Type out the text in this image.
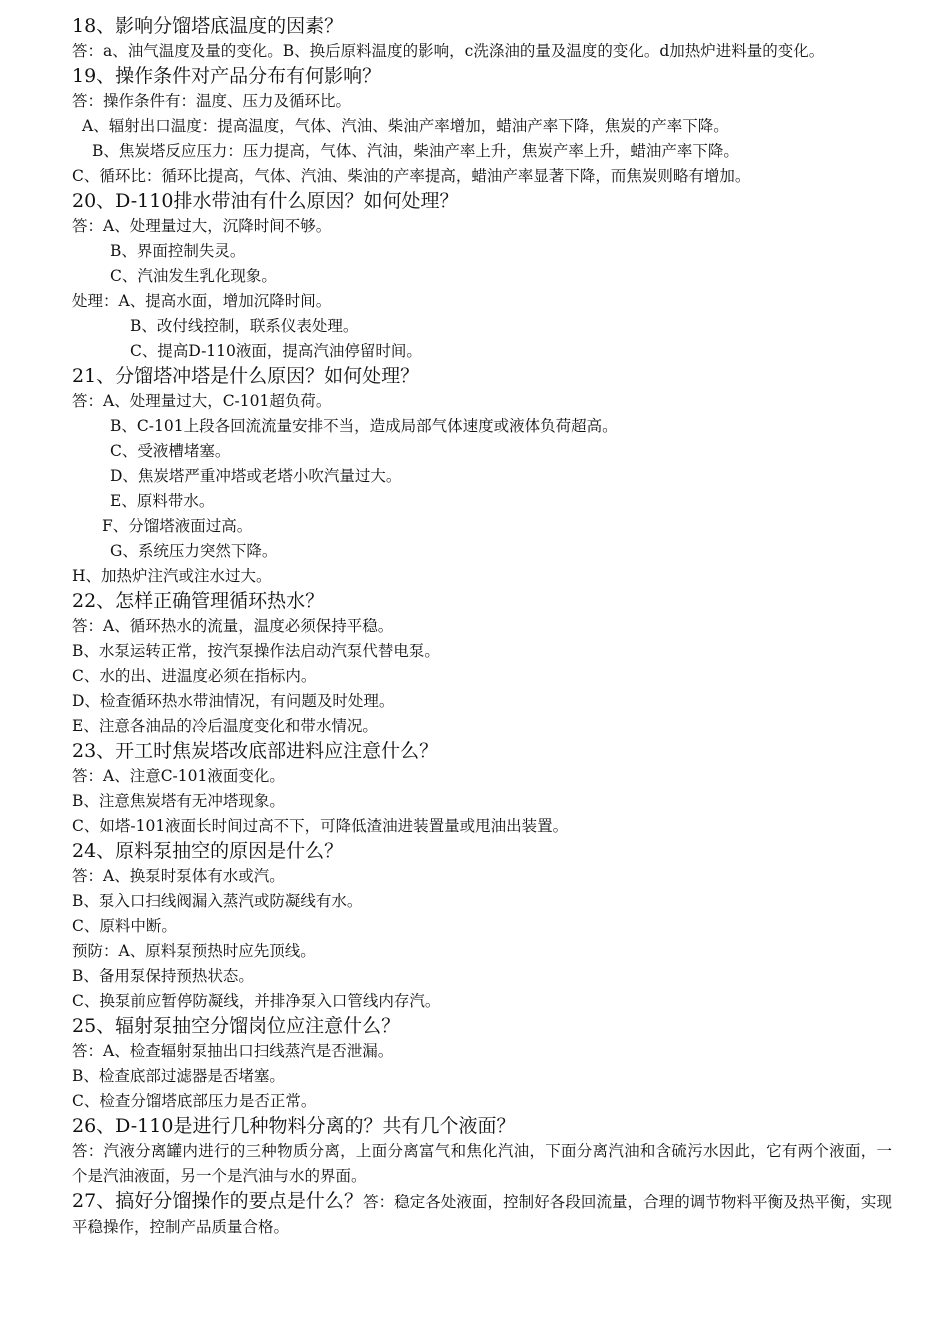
18、影响分馏塔底温度的因素？

答：a、油气温度及量的变化。B、换后原料温度的影响，c洗涤油的量及温度的变化。d加热炉进料量的变化。

19、操作条件对产品分布有何影响？

答：操作条件有：温度、压力及循环比。

A、辐射出口温度：提高温度，气体、汽油、柴油产率增加，蜡油产率下降，焦炭的产率下降。

B、焦炭塔反应压力：压力提高，气体、汽油，柴油产率上升，焦炭产率上升，蜡油产率下降。

C、循环比：循环比提高，气体、汽油、柴油的产率提高，蜡油产率显著下降，而焦炭则略有增加。

20、D-110排水带油有什么原因？如何处理？

答：A、处理量过大，沉降时间不够。

B、界面控制失灵。

C、汽油发生乳化现象。

处理：A、提高水面，增加沉降时间。

B、改付线控制，联系仪表处理。

C、提高D-110液面，提高汽油停留时间。

21、分馏塔冲塔是什么原因？如何处理？

答：A、处理量过大，C-101超负荷。

B、C-101上段各回流流量安排不当，造成局部气体速度或液体负荷超高。

C、受液槽堵塞。

D、焦炭塔严重冲塔或老塔小吹汽量过大。

E、原料带水。

F、分馏塔液面过高。

G、系统压力突然下降。

H、加热炉注汽或注水过大。

22、怎样正确管理循环热水？

答：A、循环热水的流量，温度必须保持平稳。

B、水泵运转正常，按汽泵操作法启动汽泵代替电泵。

C、水的出、进温度必须在指标内。

D、检查循环热水带油情况，有问题及时处理。

E、注意各油品的冷后温度变化和带水情况。

23、开工时焦炭塔改底部进料应注意什么？

答：A、注意C-101液面变化。

B、注意焦炭塔有无冲塔现象。

C、如塔-101液面长时间过高不下，可降低渣油进装置量或甩油出装置。

24、原料泵抽空的原因是什么？

答：A、换泵时泵体有水或汽。

B、泵入口扫线阀漏入蒸汽或防凝线有水。

C、原料中断。

预防：A、原料泵预热时应先顶线。

B、备用泵保持预热状态。

C、换泵前应暂停防凝线，并排净泵入口管线内存汽。

25、辐射泵抽空分馏岗位应注意什么？

答：A、检查辐射泵抽出口扫线蒸汽是否泄漏。

B、检查底部过滤器是否堵塞。

C、检查分馏塔底部压力是否正常。

26、D-110是进行几种物料分离的？共有几个液面？

答：汽液分离罐内进行的三种物质分离，上面分离富气和焦化汽油，下面分离汽油和含硫污水因此，它有两个液面，一个是汽油液面，另一个是汽油与水的界面。

27、搞好分馏操作的要点是什么？答：稳定各处液面，控制好各段回流量，合理的调节物料平衡及热平衡，实现平稳操作，控制产品质量合格。
